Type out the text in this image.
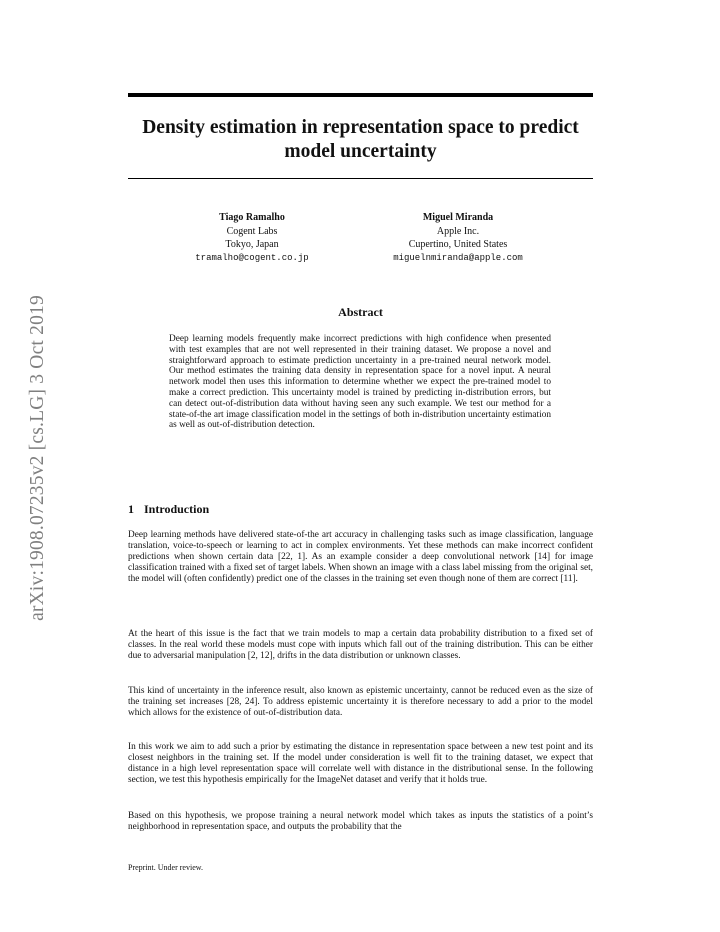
arXiv:1908.07235v2 [cs.LG] 3 Oct 2019
Density estimation in representation space to predict model uncertainty
Tiago Ramalho
Cogent Labs
Tokyo, Japan
tramalho@cogent.co.jp
Miguel Miranda
Apple Inc.
Cupertino, United States
miguelnmiranda@apple.com
Abstract

Deep learning models frequently make incorrect predictions with high confidence when presented with test examples that are not well represented in their training dataset. We propose a novel and straightforward approach to estimate prediction uncertainty in a pre-trained neural network model. Our method estimates the training data density in representation space for a novel input. A neural network model then uses this information to determine whether we expect the pre-trained model to make a correct prediction. This uncertainty model is trained by predicting in-distribution errors, but can detect out-of-distribution data without having seen any such example. We test our method for a state-of-the art image classification model in the settings of both in-distribution uncertainty estimation as well as out-of-distribution detection.

1 Introduction

Deep learning methods have delivered state-of-the art accuracy in challenging tasks such as image classification, language translation, voice-to-speech or learning to act in complex environments. Yet these methods can make incorrect confident predictions when shown certain data [22, 1]. As an example consider a deep convolutional network [14] for image classification trained with a fixed set of target labels. When shown an image with a class label missing from the original set, the model will (often confidently) predict one of the classes in the training set even though none of them are correct [11].

At the heart of this issue is the fact that we train models to map a certain data probability distribution to a fixed set of classes. In the real world these models must cope with inputs which fall out of the training distribution. This can be either due to adversarial manipulation [2, 12], drifts in the data distribution or unknown classes.

This kind of uncertainty in the inference result, also known as epistemic uncertainty, cannot be reduced even as the size of the training set increases [28, 24]. To address epistemic uncertainty it is therefore necessary to add a prior to the model which allows for the existence of out-of-distribution data.

In this work we aim to add such a prior by estimating the distance in representation space between a new test point and its closest neighbors in the training set. If the model under consideration is well fit to the training dataset, we expect that distance in a high level representation space will correlate well with distance in the distributional sense. In the following section, we test this hypothesis empirically for the ImageNet dataset and verify that it holds true.

Based on this hypothesis, we propose training a neural network model which takes as inputs the statistics of a point’s neighborhood in representation space, and outputs the probability that the

Preprint. Under review.
